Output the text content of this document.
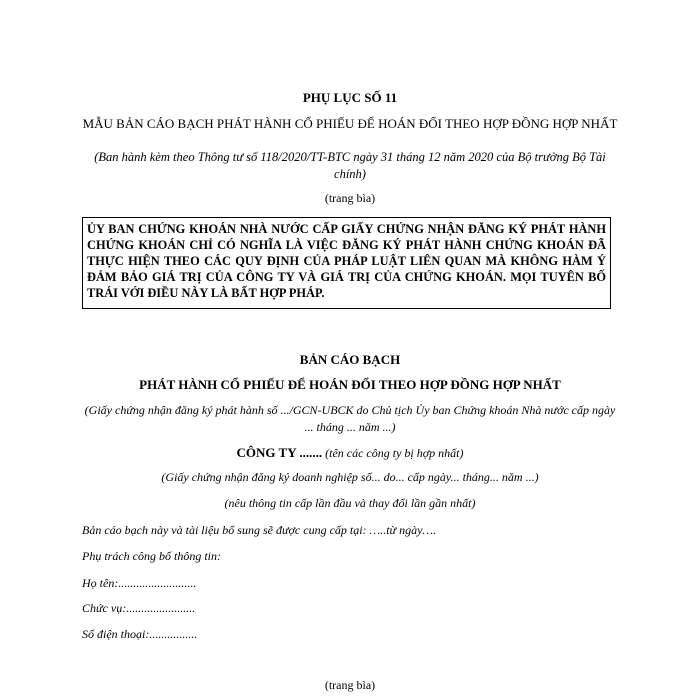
PHỤ LỤC SỐ 11
MẪU BẢN CÁO BẠCH PHÁT HÀNH CỔ PHIẾU ĐỂ HOÁN ĐỔI THEO HỢP ĐỒNG HỢP NHẤT
(Ban hành kèm theo Thông tư số 118/2020/TT-BTC ngày 31 tháng 12 năm 2020 của Bộ trưởng Bộ Tài chính)
(trang bìa)
ỦY BAN CHỨNG KHOÁN NHÀ NƯỚC CẤP GIẤY CHỨNG NHẬN ĐĂNG KÝ PHÁT HÀNH CHỨNG KHOÁN CHỈ CÓ NGHĨA LÀ VIỆC ĐĂNG KÝ PHÁT HÀNH CHỨNG KHOÁN ĐÃ THỰC HIỆN THEO CÁC QUY ĐỊNH CỦA PHÁP LUẬT LIÊN QUAN MÀ KHÔNG HÀM Ý ĐẢM BẢO GIÁ TRỊ CỦA CÔNG TY VÀ GIÁ TRỊ CỦA CHỨNG KHOÁN. MỌI TUYÊN BỐ TRÁI VỚI ĐIỀU NÀY LÀ BẤT HỢP PHÁP.
BẢN CÁO BẠCH
PHÁT HÀNH CỔ PHIẾU ĐỂ HOÁN ĐỔI THEO HỢP ĐỒNG HỢP NHẤT
(Giấy chứng nhận đăng ký phát hành số .../GCN-UBCK do Chủ tịch Ủy ban Chứng khoán Nhà nước cấp ngày ... tháng ... năm ...)
CÔNG TY ....... (tên các công ty bị hợp nhất)
(Giấy chứng nhận đăng ký doanh nghiệp số... do... cấp ngày... tháng... năm ...)
(nêu thông tin cấp lần đầu và thay đổi lần gần nhất)
Bản cáo bạch này và tài liệu bổ sung sẽ được cung cấp tại: …..từ ngày….
Phụ trách công bố thông tin:
Họ tên:..........................
Chức vụ:.......................
Số điện thoại:................
(trang bìa)
